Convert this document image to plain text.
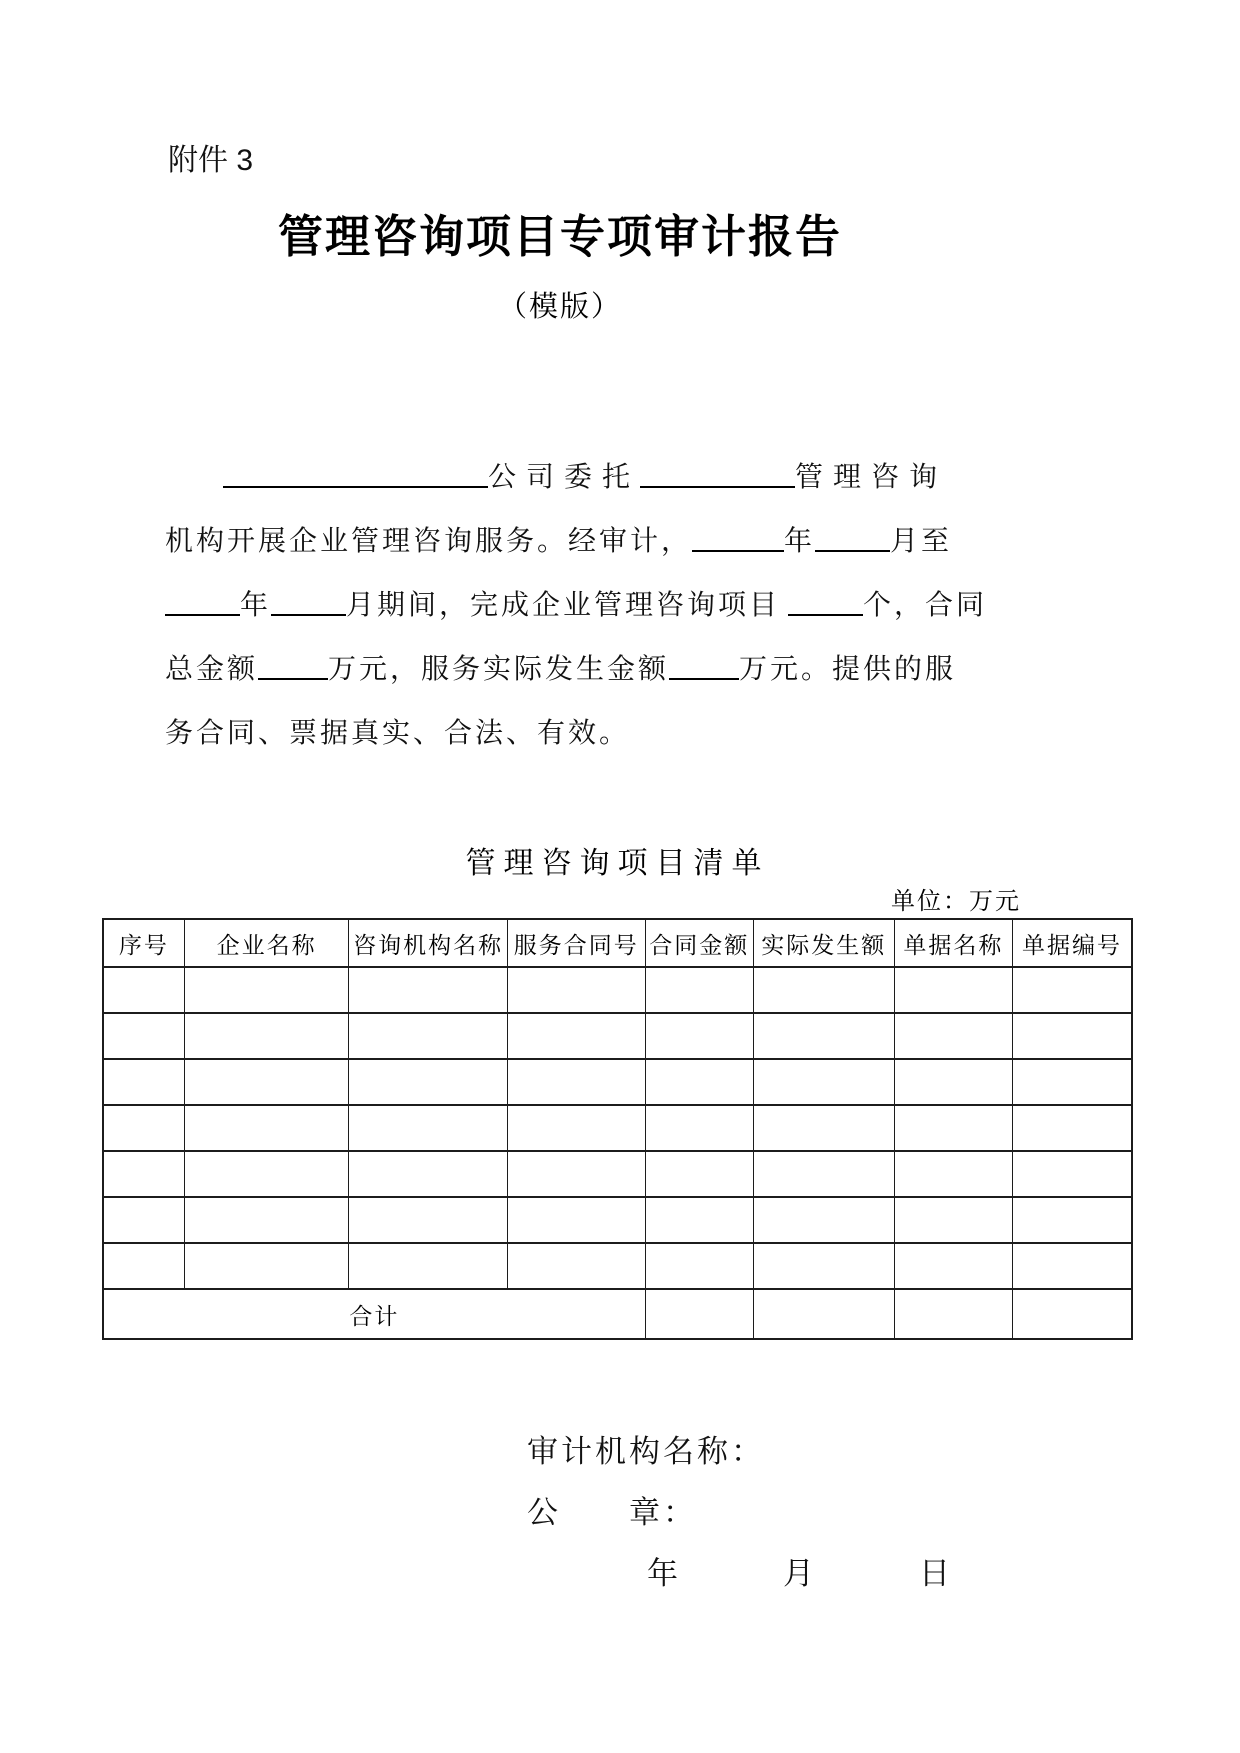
附件 3
管理咨询项目专项审计报告
（模版）

公司委托	管理咨询

机构开展企业管理咨询服务。经审计，	年	月至

年	月期间，完成企业管理咨询项目	个，合同

总金额	万元，服务实际发生金额	万元。提供的服

务合同、票据真实、合法、有效。

管理咨询项目清单
单位：万元
序号	企业名称	咨询机构名称	服务合同号	合同金额	实际发生额	单据名称	单据编号

合计							
审计机构名称：
公　　章：
年　　　月　　　日
